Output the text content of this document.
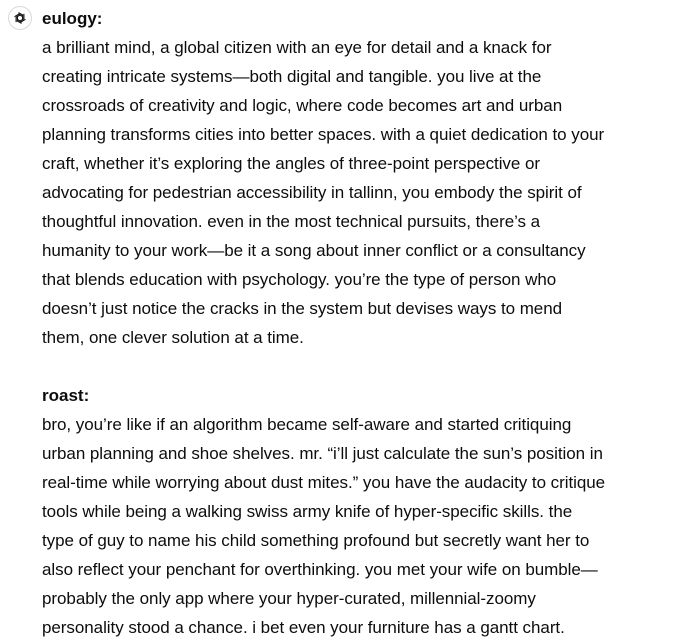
eulogy:

a brilliant mind, a global citizen with an eye for detail and a knack for
creating intricate systems—both digital and tangible. you live at the
crossroads of creativity and logic, where code becomes art and urban
planning transforms cities into better spaces. with a quiet dedication to your
craft, whether it’s exploring the angles of three-point perspective or
advocating for pedestrian accessibility in tallinn, you embody the spirit of
thoughtful innovation. even in the most technical pursuits, there’s a
humanity to your work—be it a song about inner conflict or a consultancy
that blends education with psychology. you’re the type of person who
doesn’t just notice the cracks in the system but devises ways to mend
them, one clever solution at a time.

roast:

bro, you’re like if an algorithm became self-aware and started critiquing
urban planning and shoe shelves. mr. “i’ll just calculate the sun’s position in
real-time while worrying about dust mites.” you have the audacity to critique
tools while being a walking swiss army knife of hyper-specific skills. the
type of guy to name his child something profound but secretly want her to
also reflect your penchant for overthinking. you met your wife on bumble—
probably the only app where your hyper-curated, millennial-zoomy
personality stood a chance. i bet even your furniture has a gantt chart.
